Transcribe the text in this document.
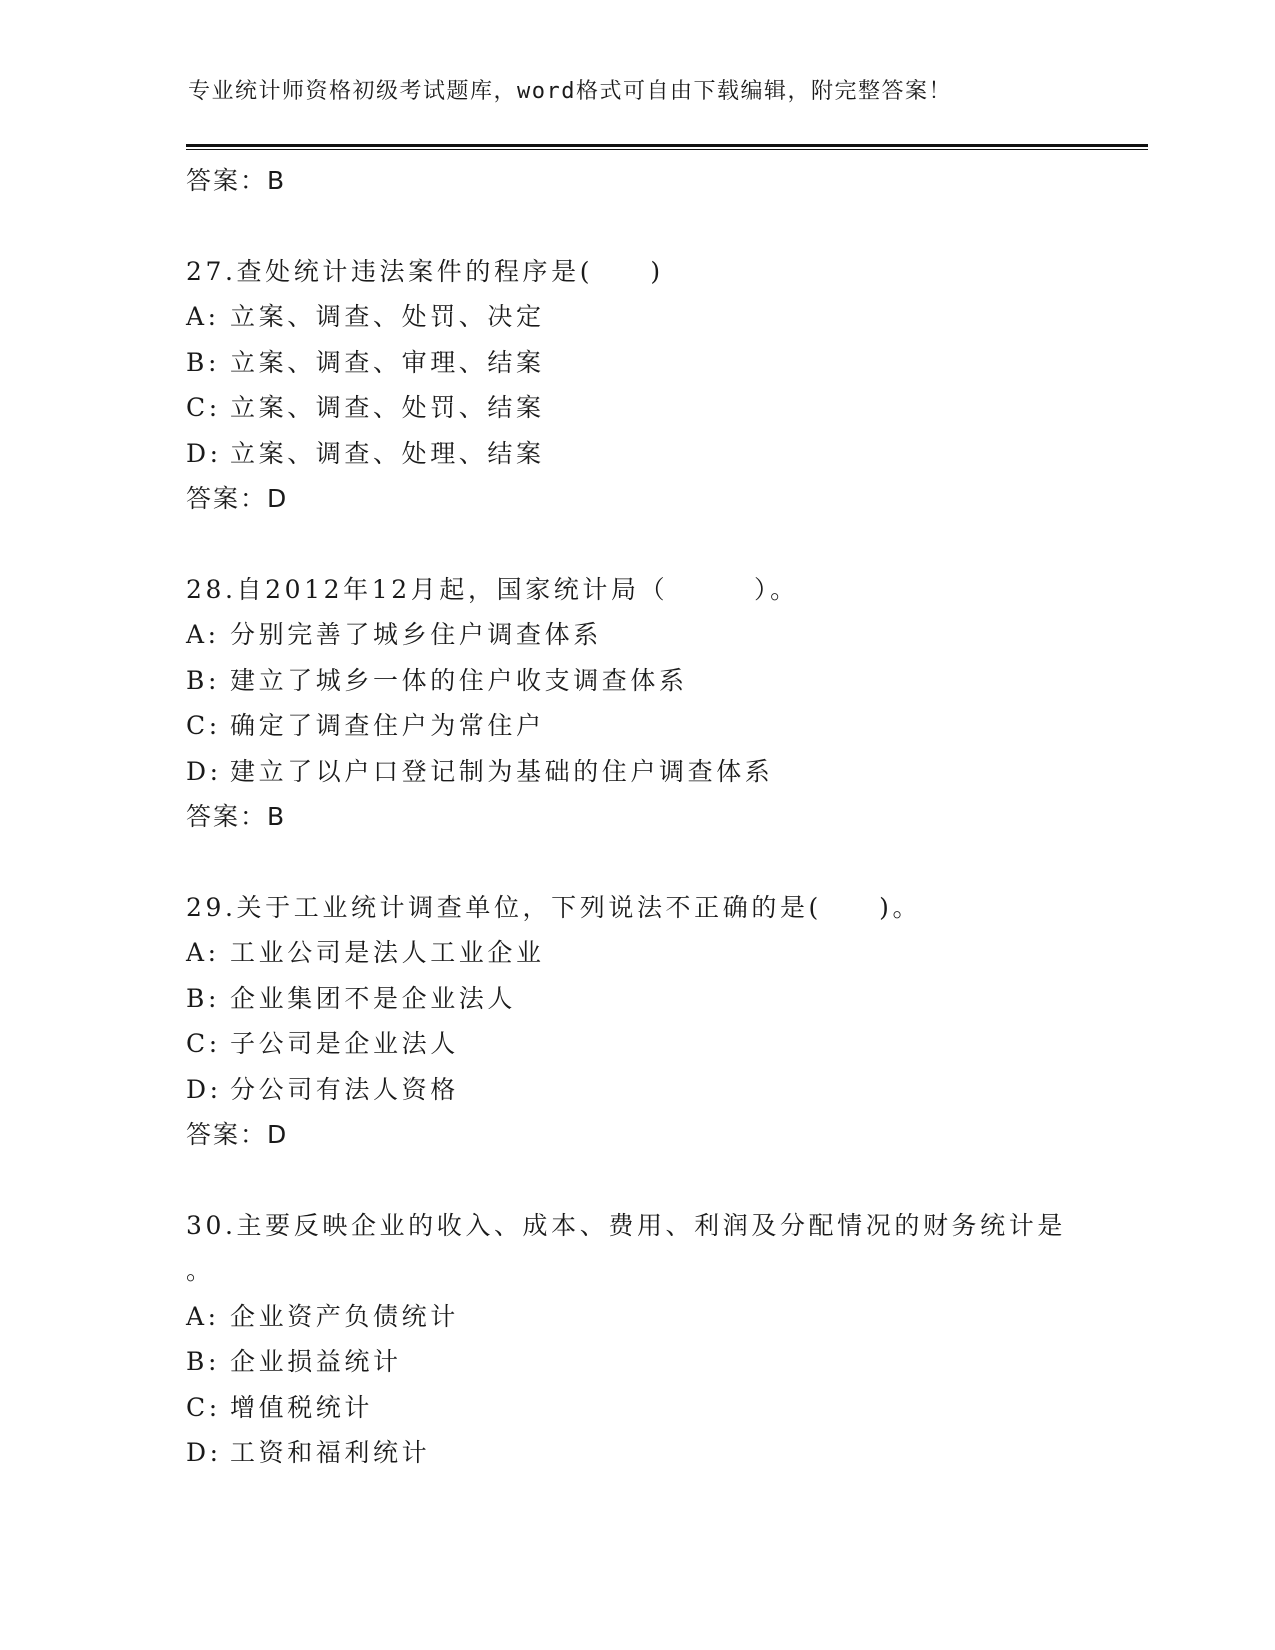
专业统计师资格初级考试题库，word格式可自由下载编辑，附完整答案！
答案：B
27.查处统计违法案件的程序是(　　)
A: 立案、调查、处罚、决定
B: 立案、调查、审理、结案
C: 立案、调查、处罚、结案
D: 立案、调查、处理、结案
答案：D
28.自2012年12月起，国家统计局（　　　）。
A: 分别完善了城乡住户调查体系
B: 建立了城乡一体的住户收支调查体系
C: 确定了调查住户为常住户
D: 建立了以户口登记制为基础的住户调查体系
答案：B
29.关于工业统计调查单位，下列说法不正确的是(　　)。
A: 工业公司是法人工业企业
B: 企业集团不是企业法人
C: 子公司是企业法人
D: 分公司有法人资格
答案：D
30.主要反映企业的收入、成本、费用、利润及分配情况的财务统计是
。
A: 企业资产负债统计
B: 企业损益统计
C: 增值税统计
D: 工资和福利统计
